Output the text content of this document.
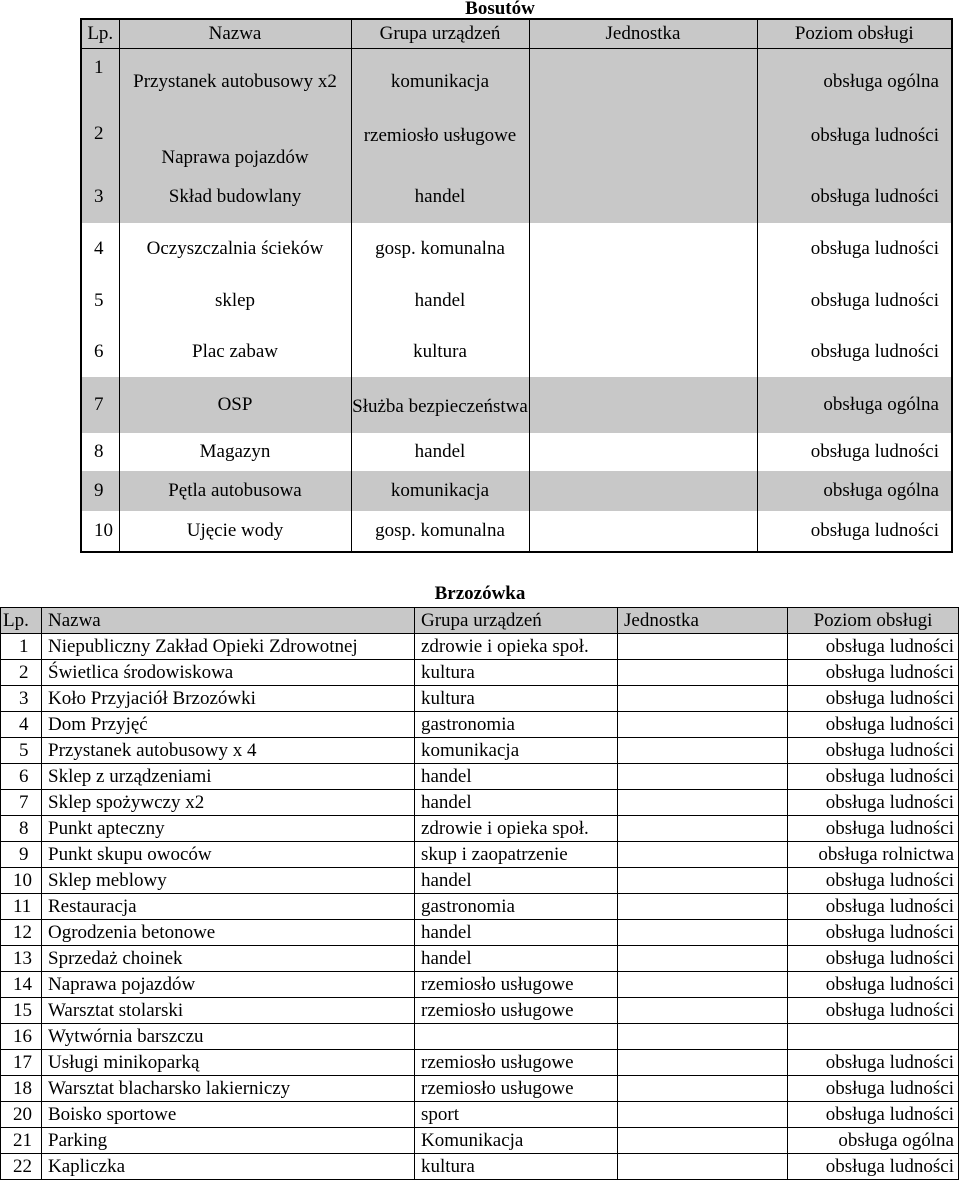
Bosutów
Lp.	Nazwa	Grupa urządzeń	Jednostka	Poziom obsługi
1	Przystanek autobusowy x2	komunikacja		obsługa ogólna
2	Naprawa pojazdów	rzemiosło usługowe		obsługa ludności
3	Skład budowlany	handel		obsługa ludności
4	Oczyszczalnia ścieków	gosp. komunalna		obsługa ludności
5	sklep	handel		obsługa ludności
6	Plac zabaw	kultura		obsługa ludności
7	OSP	Służba bezpieczeństwa		obsługa ogólna
8	Magazyn	handel		obsługa ludności
9	Pętla autobusowa	komunikacja		obsługa ogólna
10	Ujęcie wody	gosp. komunalna		obsługa ludności
Brzozówka
Lp.	Nazwa	Grupa urządzeń	Jednostka	Poziom obsługi
1	Niepubliczny Zakład Opieki Zdrowotnej	zdrowie i opieka społ.		obsługa ludności
2	Świetlica środowiskowa	kultura		obsługa ludności
3	Koło Przyjaciół Brzozówki	kultura		obsługa ludności
4	Dom Przyjęć	gastronomia		obsługa ludności
5	Przystanek autobusowy x 4	komunikacja		obsługa ludności
6	Sklep z urządzeniami	handel		obsługa ludności
7	Sklep spożywczy x2	handel		obsługa ludności
8	Punkt apteczny	zdrowie i opieka społ.		obsługa ludności
9	Punkt skupu owoców	skup i zaopatrzenie		obsługa rolnictwa
10	Sklep meblowy	handel		obsługa ludności
11	Restauracja	gastronomia		obsługa ludności
12	Ogrodzenia betonowe	handel		obsługa ludności
13	Sprzedaż choinek	handel		obsługa ludności
14	Naprawa pojazdów	rzemiosło usługowe		obsługa ludności
15	Warsztat stolarski	rzemiosło usługowe		obsługa ludności
16	Wytwórnia barszczu			
17	Usługi minikoparką	rzemiosło usługowe		obsługa ludności
18	Warsztat blacharsko lakierniczy	rzemiosło usługowe		obsługa ludności
20	Boisko sportowe	sport		obsługa ludności
21	Parking	Komunikacja		obsługa ogólna
22	Kapliczka	kultura		obsługa ludności
